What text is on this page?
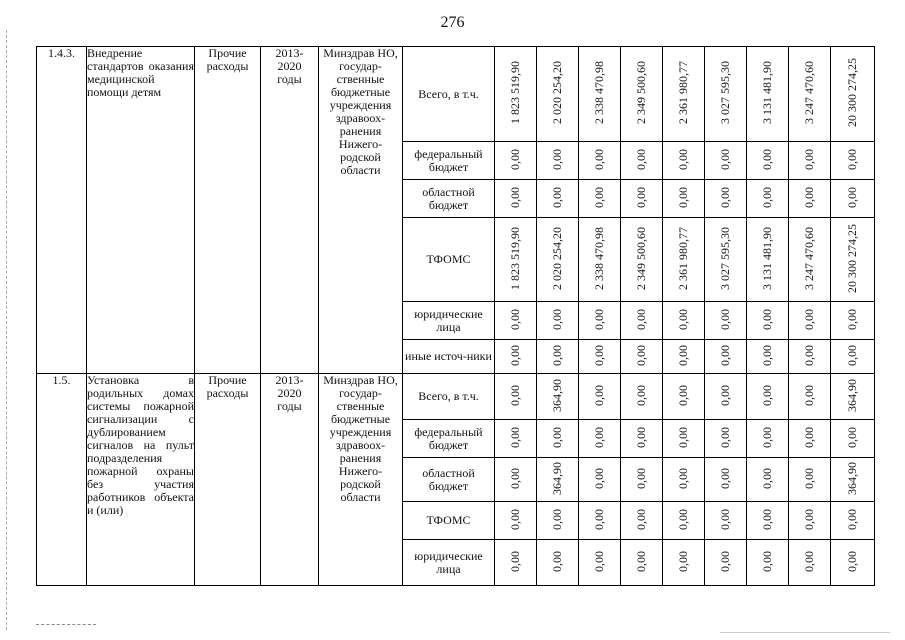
276
1.4.3.	Внедрение стандартов оказания медицинской помощи детям	Прочие расходы	2013-
2020
годы	Минздрав НО, государ-ственные бюджетные учреждения здравоох-ранения Нижего-родской области	Всего, в т.ч.	1 823 519,90	2 020 254,20	2 338 470,98	2 349 500,60	2 361 980,77	3 027 595,30	3 131 481,90	3 247 470,60	20 300 274,25
					федеральный бюджет	0,00	0,00	0,00	0,00	0,00	0,00	0,00	0,00	0,00
					областной бюджет	0,00	0,00	0,00	0,00	0,00	0,00	0,00	0,00	0,00
					ТФОМС	1 823 519,90	2 020 254,20	2 338 470,98	2 349 500,60	2 361 980,77	3 027 595,30	3 131 481,90	3 247 470,60	20 300 274,25
					юридические лица	0,00	0,00	0,00	0,00	0,00	0,00	0,00	0,00	0,00
					иные источ-ники	0,00	0,00	0,00	0,00	0,00	0,00	0,00	0,00	0,00
1.5.	Установка в родильных домах системы пожарной сигнализации с дублированием сигналов на пульт подразделения пожарной охраны без участия работников объекта и (или)	Прочие расходы	2013-
2020
годы	Минздрав НО, государ-ственные бюджетные учреждения здравоох-ранения Нижего-родской области	Всего, в т.ч.	0,00	364,90	0,00	0,00	0,00	0,00	0,00	0,00	364,90
					федеральный бюджет	0,00	0,00	0,00	0,00	0,00	0,00	0,00	0,00	0,00
					областной бюджет	0,00	364,90	0,00	0,00	0,00	0,00	0,00	0,00	364,90
					ТФОМС	0,00	0,00	0,00	0,00	0,00	0,00	0,00	0,00	0,00
					юридические лица	0,00	0,00	0,00	0,00	0,00	0,00	0,00	0,00	0,00
